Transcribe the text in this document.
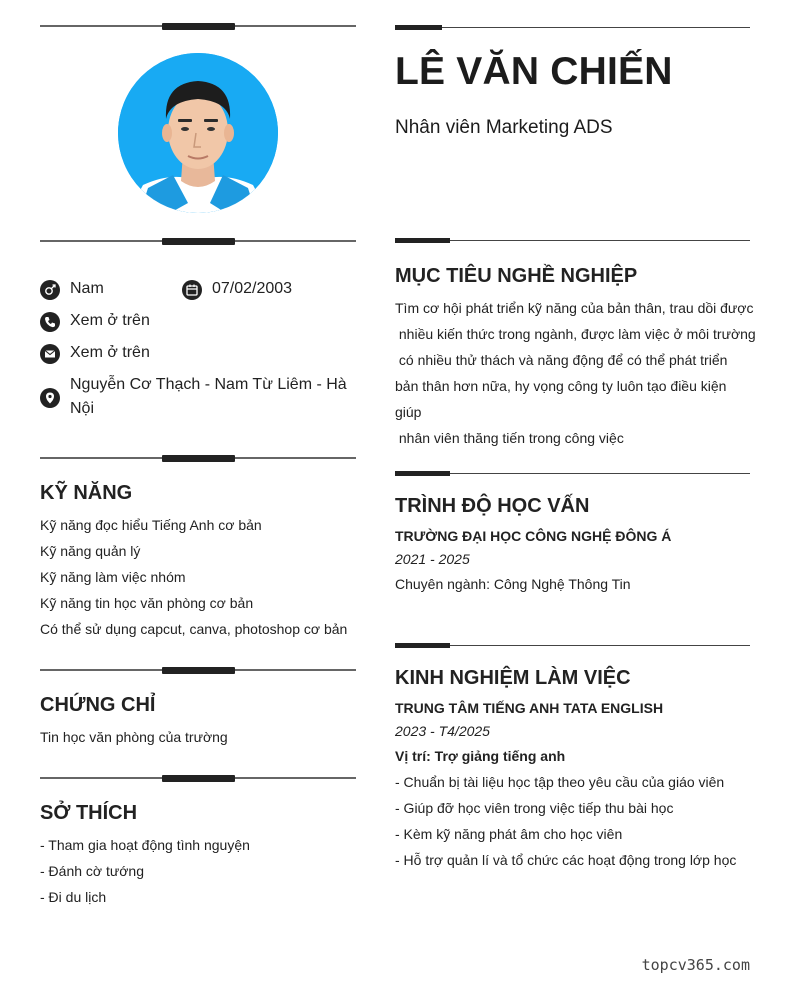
Nam	07/02/2003
Xem ở trên
Xem ở trên
Nguyễn Cơ Thạch - Nam Từ Liêm - Hà
Nội
KỸ NĂNG
Kỹ năng đọc hiểu Tiếng Anh cơ bản
Kỹ năng quản lý
Kỹ năng làm việc nhóm
Kỹ năng tin học văn phòng cơ bản
Có thể sử dụng capcut, canva, photoshop cơ bản
CHỨNG CHỈ
Tin học văn phòng của trường
SỞ THÍCH
- Tham gia hoạt động tình nguyện
- Đánh cờ tướng
- Đi du lịch
LÊ VĂN CHIẾN
Nhân viên Marketing ADS
MỤC TIÊU NGHỀ NGHIỆP
Tìm cơ hội phát triển kỹ năng của bản thân, trau dồi được
nhiều kiến thức trong ngành, được làm việc ở môi trường
có nhiều thử thách và năng động để có thể phát triển
bản thân hơn nữa, hy vọng công ty luôn tạo điều kiện
giúp
nhân viên thăng tiến trong công việc
TRÌNH ĐỘ HỌC VẤN
TRƯỜNG ĐẠI HỌC CÔNG NGHỆ ĐÔNG Á
2021 - 2025
Chuyên ngành: Công Nghệ Thông Tin
KINH NGHIỆM LÀM VIỆC
TRUNG TÂM TIẾNG ANH TATA ENGLISH
2023 - T4/2025
Vị trí: Trợ giảng tiếng anh
- Chuẩn bị tài liệu học tập theo yêu cầu của giáo viên
- Giúp đỡ học viên trong việc tiếp thu bài học
- Kèm kỹ năng phát âm cho học viên
- Hỗ trợ quản lí và tổ chức các hoạt động trong lớp học
topcv365.com
